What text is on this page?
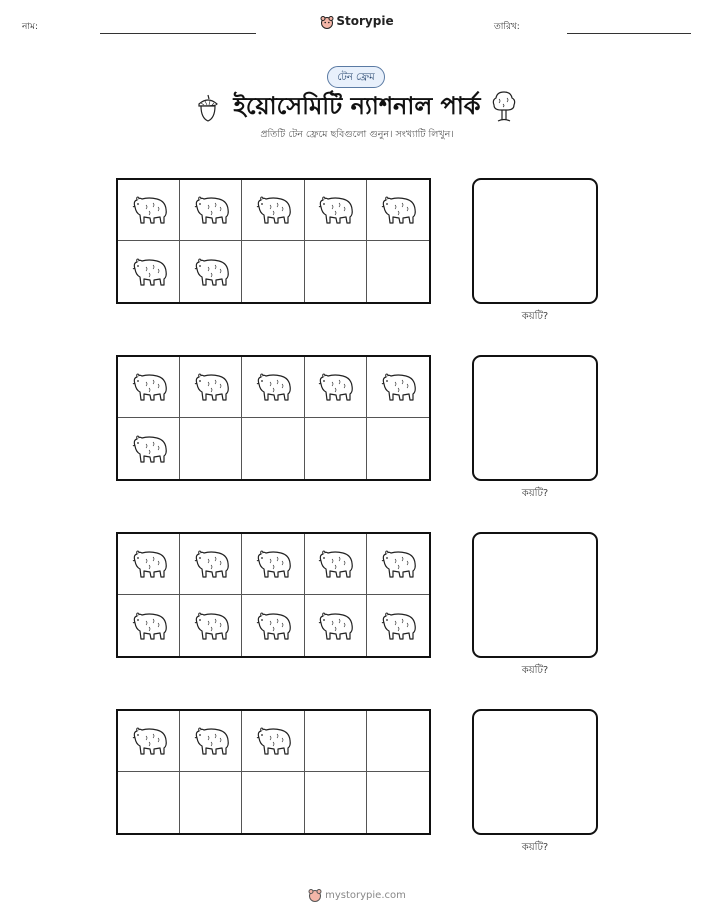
নাম:	Storypie	তারিখ:
টেন ফ্রেম
ইয়োসেমিটি ন্যাশনাল পার্ক
প্রতিটি টেন ফ্রেমে ছবিগুলো গুনুন। সংখ্যাটি লিখুন।
কয়টি?
কয়টি?
কয়টি?
কয়টি?
mystorypie.com
